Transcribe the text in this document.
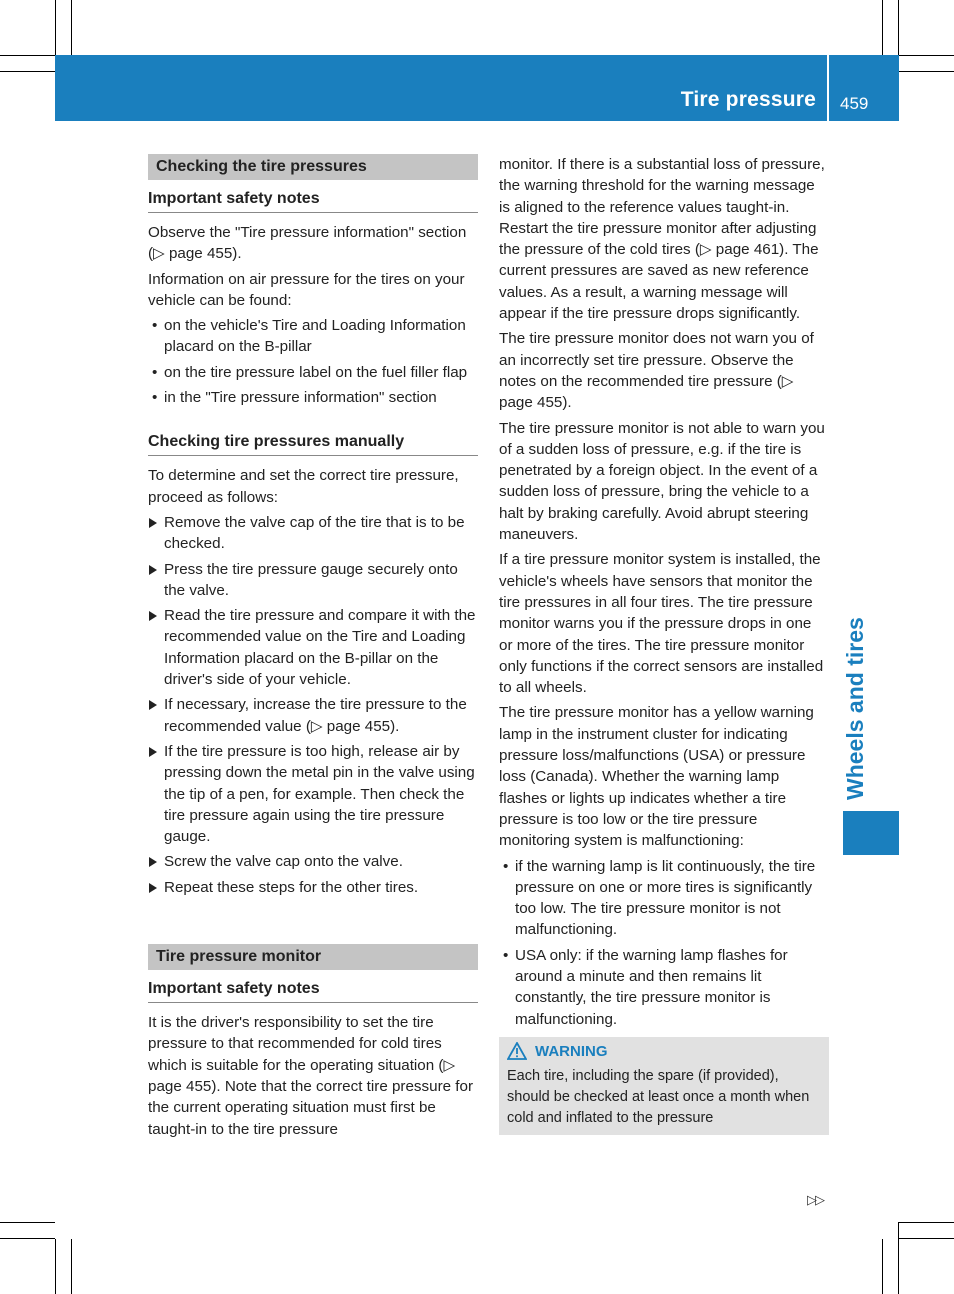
Tire pressure 459
Wheels and tires
Checking the tire pressures
Important safety notes

Observe the "Tire pressure information" section (▷ page 455).

Information on air pressure for the tires on your vehicle can be found:

• on the vehicle's Tire and Loading Information placard on the B-pillar
• on the tire pressure label on the fuel filler flap
• in the "Tire pressure information" section
Checking tire pressures manually

To determine and set the correct tire pressure, proceed as follows:

Remove the valve cap of the tire that is to be checked.
Press the tire pressure gauge securely onto the valve.
Read the tire pressure and compare it with the recommended value on the Tire and Loading Information placard on the B-pillar on the driver's side of your vehicle.
If necessary, increase the tire pressure to the recommended value (▷ page 455).
If the tire pressure is too high, release air by pressing down the metal pin in the valve using the tip of a pen, for example. Then check the tire pressure again using the tire pressure gauge.
Screw the valve cap onto the valve.
Repeat these steps for the other tires.
Tire pressure monitor
Important safety notes

It is the driver's responsibility to set the tire pressure to that recommended for cold tires which is suitable for the operating situation (▷ page 455). Note that the correct tire pressure for the current operating situation must first be taught-in to the tire pressure

monitor. If there is a substantial loss of pressure, the warning threshold for the warning message is aligned to the reference values taught-in. Restart the tire pressure monitor after adjusting the pressure of the cold tires (▷ page 461). The current pressures are saved as new reference values. As a result, a warning message will appear if the tire pressure drops significantly.

The tire pressure monitor does not warn you of an incorrectly set tire pressure. Observe the notes on the recommended tire pressure (▷ page 455).

The tire pressure monitor is not able to warn you of a sudden loss of pressure, e.g. if the tire is penetrated by a foreign object. In the event of a sudden loss of pressure, bring the vehicle to a halt by braking carefully. Avoid abrupt steering maneuvers.

If a tire pressure monitor system is installed, the vehicle's wheels have sensors that monitor the tire pressures in all four tires. The tire pressure monitor warns you if the pressure drops in one or more of the tires. The tire pressure monitor only functions if the correct sensors are installed to all wheels.

The tire pressure monitor has a yellow warning lamp in the instrument cluster for indicating pressure loss/malfunctions (USA) or pressure loss (Canada). Whether the warning lamp flashes or lights up indicates whether a tire pressure is too low or the tire pressure monitoring system is malfunctioning:

• if the warning lamp is lit continuously, the tire pressure on one or more tires is significantly too low. The tire pressure monitor is not malfunctioning.
• USA only: if the warning lamp flashes for around a minute and then remains lit constantly, the tire pressure monitor is malfunctioning.
WARNING
Each tire, including the spare (if provided), should be checked at least once a month when cold and inflated to the pressure
▷▷
